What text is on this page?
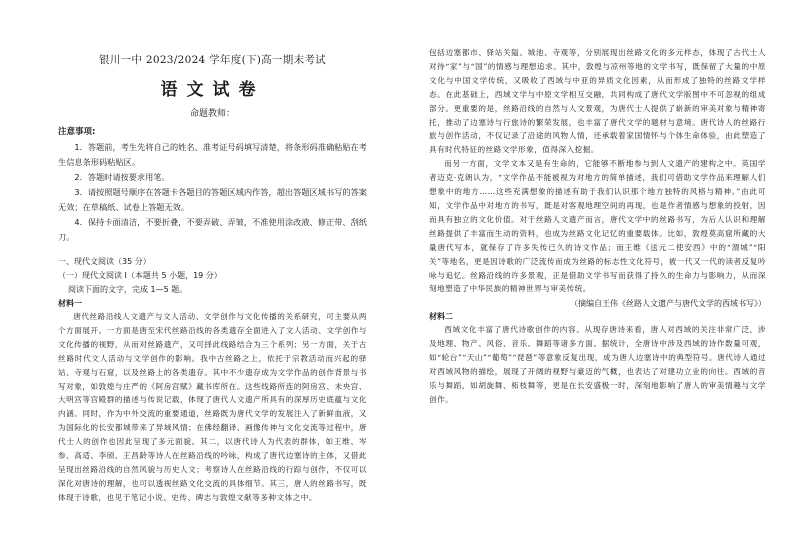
银川一中 2023/2024 学年度(下)高一期末考试
语文试卷
命题教师：
注意事项:

1．答题前，考生先将自己的姓名、准考证号码填写清楚，将条形码准确粘贴在考生信息条形码粘贴区。

2．答题时请按要求用笔。

3．请按照题号顺序在答题卡各题目的答题区域内作答，超出答题区域书写的答案无效；在草稿纸、试卷上答题无效。

4．保持卡面清洁，不要折叠，不要弄破、弄皱，不准使用涂改液、修正带、刮纸刀。

一、现代文阅读（35 分）
（一）现代文阅读 I（本题共 5 小题，19 分）
阅读下面的文字，完成 1—5 题。
材料一

唐代丝路沿线人文遗产与文人活动、文学创作与文化传播的关系研究，可主要从两个方面展开。一方面是唐至宋代丝路沿线的各类遗存全面进入了文人活动、文学创作与文化传播的视野，从而对丝路遗产，又可择此线路结合为三个系列；另一方面，关于古丝路时代文人活动与文学创作的影响。我中古丝路之上，依托于宗教活动而兴起的驿站、寺观与石窟，以及丝路上的各类遗存。其中不少遗存成为文学作品的创作背景与书写对象，如敦煌与庄严的《阿房宫赋》藏书库所在。这些线路所连的阿房宫、未央宫、大明宫等宫殿群的描述与传说记载，体现了唐代人文遗产所具有的深厚历史底蕴与文化内涵。同时，作为中外交流的重要通道，丝路既为唐代文学的发展注入了新鲜血液，又为国际化的长安都城带来了异域风情；在佛经翻译、画像传神与文化交流等过程中，唐代士人的创作也因此呈现了多元面貌。其二，以唐代诗人为代表的群体，如王维、岑参、高适、李颀、王昌龄等诗人在丝路沿线的吟咏，构成了唐代边塞诗的主体，又借此呈现出丝路沿线的自然风貌与历史人文；考察诗人在丝路沿线的行踪与创作，不仅可以深化对唐诗的理解，也可以透视丝路文化交流的具体细节。其三，唐人的丝路书写，既体现于诗歌，也见于笔记小说、史传、碑志与敦煌文献等多种文体之中。

包括边塞都市、驿站关隘、城池、寺观等，分别展现出丝路文化的多元样态，体现了古代士人对待“家”与“国”的情感与理想追求。其中，敦煌与凉州等地的文学书写，既保留了大量的中原文化与中国文学传统，又吸收了西域与中亚的异质文化因素，从而形成了独特的丝路文学样态。在此基础上，西域文学与中原文学相互交融，共同构成了唐代文学版图中不可忽视的组成部分。更重要的是，丝路沿线的自然与人文景观，为唐代士人提供了崭新的审美对象与精神寄托，推动了边塞诗与行旅诗的繁荣发展，也丰富了唐代文学的题材与意境。唐代诗人的丝路行旅与创作活动，不仅记录了沿途的风物人情，还承载着家国情怀与个体生命体验，由此塑造了具有时代特征的丝路文学形象，值得深入挖掘。

而另一方面，文学文本又是有生命的，它能够不断地参与到人文遗产的建构之中。英国学者迈克·克朗认为，“文学作品不能被视为对地方的简单描述，我们可借助文学作品来理解人们想象中的地方……这些充满想象的描述有助于我们认识那个地方独特的风格与精神。”由此可知，文学作品中对地方的书写，既是对客观地理空间的再现，也是作者情感与想象的投射，因而具有独立的文化价值。对于丝路人文遗产而言，唐代文学中的丝路书写，为后人认识和理解丝路提供了丰富而生动的资料，也成为丝路文化记忆的重要载体。比如，敦煌莫高窟所藏的大量唐代写本，就保存了许多失传已久的诗文作品；而王维《送元二使安西》中的“渭城”“阳关”等地名，更是因诗歌的广泛流传而成为丝路的标志性文化符号，被一代又一代的读者反复吟咏与追忆。丝路沿线的许多景观，正是借助文学书写而获得了持久的生命力与影响力，从而深刻地塑造了中华民族的精神世界与审美传统。

（摘编自王伟《丝路人文遗产与唐代文学的西域书写》）
材料二

西域文化丰富了唐代诗歌创作的内容。从现存唐诗来看，唐人对西域的关注非常广泛，涉及地理、物产、风俗、音乐、舞蹈等诸多方面。据统计，全唐诗中涉及西域的诗作数量可观，如“轮台”“天山”“葡萄”“琵琶”等意象反复出现，成为唐人边塞诗中的典型符号。唐代诗人通过对西域风物的描绘，展现了开阔的视野与豪迈的气概，也表达了对建功立业的向往。西域的音乐与舞蹈，如胡旋舞、柘枝舞等，更是在长安盛极一时，深刻地影响了唐人的审美情趣与文学创作。
